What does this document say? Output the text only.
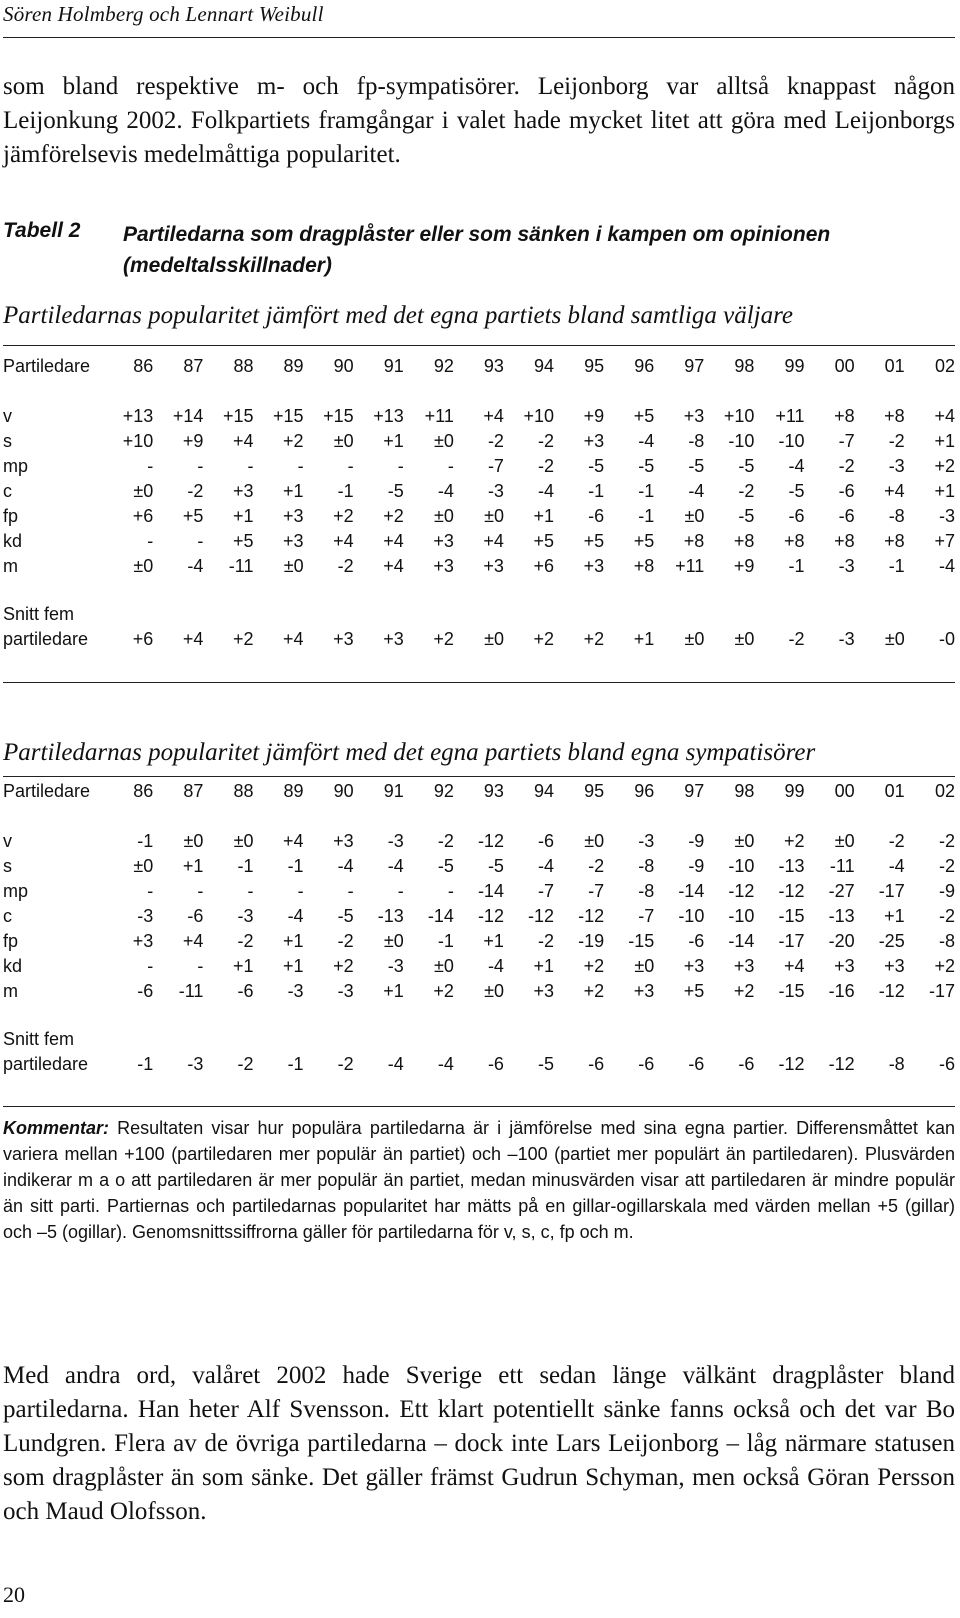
Sören Holmberg och Lennart Weibull

som bland respektive m- och fp-sympatisörer. Leijonborg var alltså knappast någon Leijonkung 2002. Folkpartiets framgångar i valet hade mycket litet att göra med Leijonborgs jämförelsevis medelmåttiga popularitet.

Tabell 2 Partiledarna som dragplåster eller som sänken i kampen om opinionen (medeltalsskillnader)
Partiledarnas popularitet jämfört med det egna partiets bland samtliga väljare
Partiledare	86	87	88	89	90	91	92	93	94	95	96	97	98	99	00	01	02

v	+13	+14	+15	+15	+15	+13	+11	+4	+10	+9	+5	+3	+10	+11	+8	+8	+4
s	+10	+9	+4	+2	±0	+1	±0	-2	-2	+3	-4	-8	-10	-10	-7	-2	+1
mp	-	-	-	-	-	-	-	-7	-2	-5	-5	-5	-5	-4	-2	-3	+2
c	±0	-2	+3	+1	-1	-5	-4	-3	-4	-1	-1	-4	-2	-5	-6	+4	+1
fp	+6	+5	+1	+3	+2	+2	±0	±0	+1	-6	-1	±0	-5	-6	-6	-8	-3
kd	-	-	+5	+3	+4	+4	+3	+4	+5	+5	+5	+8	+8	+8	+8	+8	+7
m	±0	-4	-11	±0	-2	+4	+3	+3	+6	+3	+8	+11	+9	-1	-3	-1	-4

Snitt fem																	
partiledare	+6	+4	+2	+4	+3	+3	+2	±0	+2	+2	+1	±0	±0	-2	-3	±0	-0
Partiledarnas popularitet jämfört med det egna partiets bland egna sympatisörer
Partiledare	86	87	88	89	90	91	92	93	94	95	96	97	98	99	00	01	02

v	-1	±0	±0	+4	+3	-3	-2	-12	-6	±0	-3	-9	±0	+2	±0	-2	-2
s	±0	+1	-1	-1	-4	-4	-5	-5	-4	-2	-8	-9	-10	-13	-11	-4	-2
mp	-	-	-	-	-	-	-	-14	-7	-7	-8	-14	-12	-12	-27	-17	-9
c	-3	-6	-3	-4	-5	-13	-14	-12	-12	-12	-7	-10	-10	-15	-13	+1	-2
fp	+3	+4	-2	+1	-2	±0	-1	+1	-2	-19	-15	-6	-14	-17	-20	-25	-8
kd	-	-	+1	+1	+2	-3	±0	-4	+1	+2	±0	+3	+3	+4	+3	+3	+2
m	-6	-11	-6	-3	-3	+1	+2	±0	+3	+2	+3	+5	+2	-15	-16	-12	-17

Snitt fem																	
partiledare	-1	-3	-2	-1	-2	-4	-4	-6	-5	-6	-6	-6	-6	-12	-12	-8	-6
Kommentar: Resultaten visar hur populära partiledarna är i jämförelse med sina egna partier. Differensmåttet kan variera mellan +100 (partiledaren mer populär än partiet) och –100 (partiet mer populärt än partiledaren). Plusvärden indikerar m a o att partiledaren är mer populär än partiet, medan minusvärden visar att partiledaren är mindre populär än sitt parti. Partiernas och partiledarnas popularitet har mätts på en gillar-ogillarskala med värden mellan +5 (gillar) och –5 (ogillar). Genomsnittssiffrorna gäller för partiledarna för v, s, c, fp och m.

Med andra ord, valåret 2002 hade Sverige ett sedan länge välkänt dragplåster bland partiledarna. Han heter Alf Svensson. Ett klart potentiellt sänke fanns också och det var Bo Lundgren. Flera av de övriga partiledarna – dock inte Lars Leijonborg – låg närmare statusen som dragplåster än som sänke. Det gäller främst Gudrun Schyman, men också Göran Persson och Maud Olofsson.

20
